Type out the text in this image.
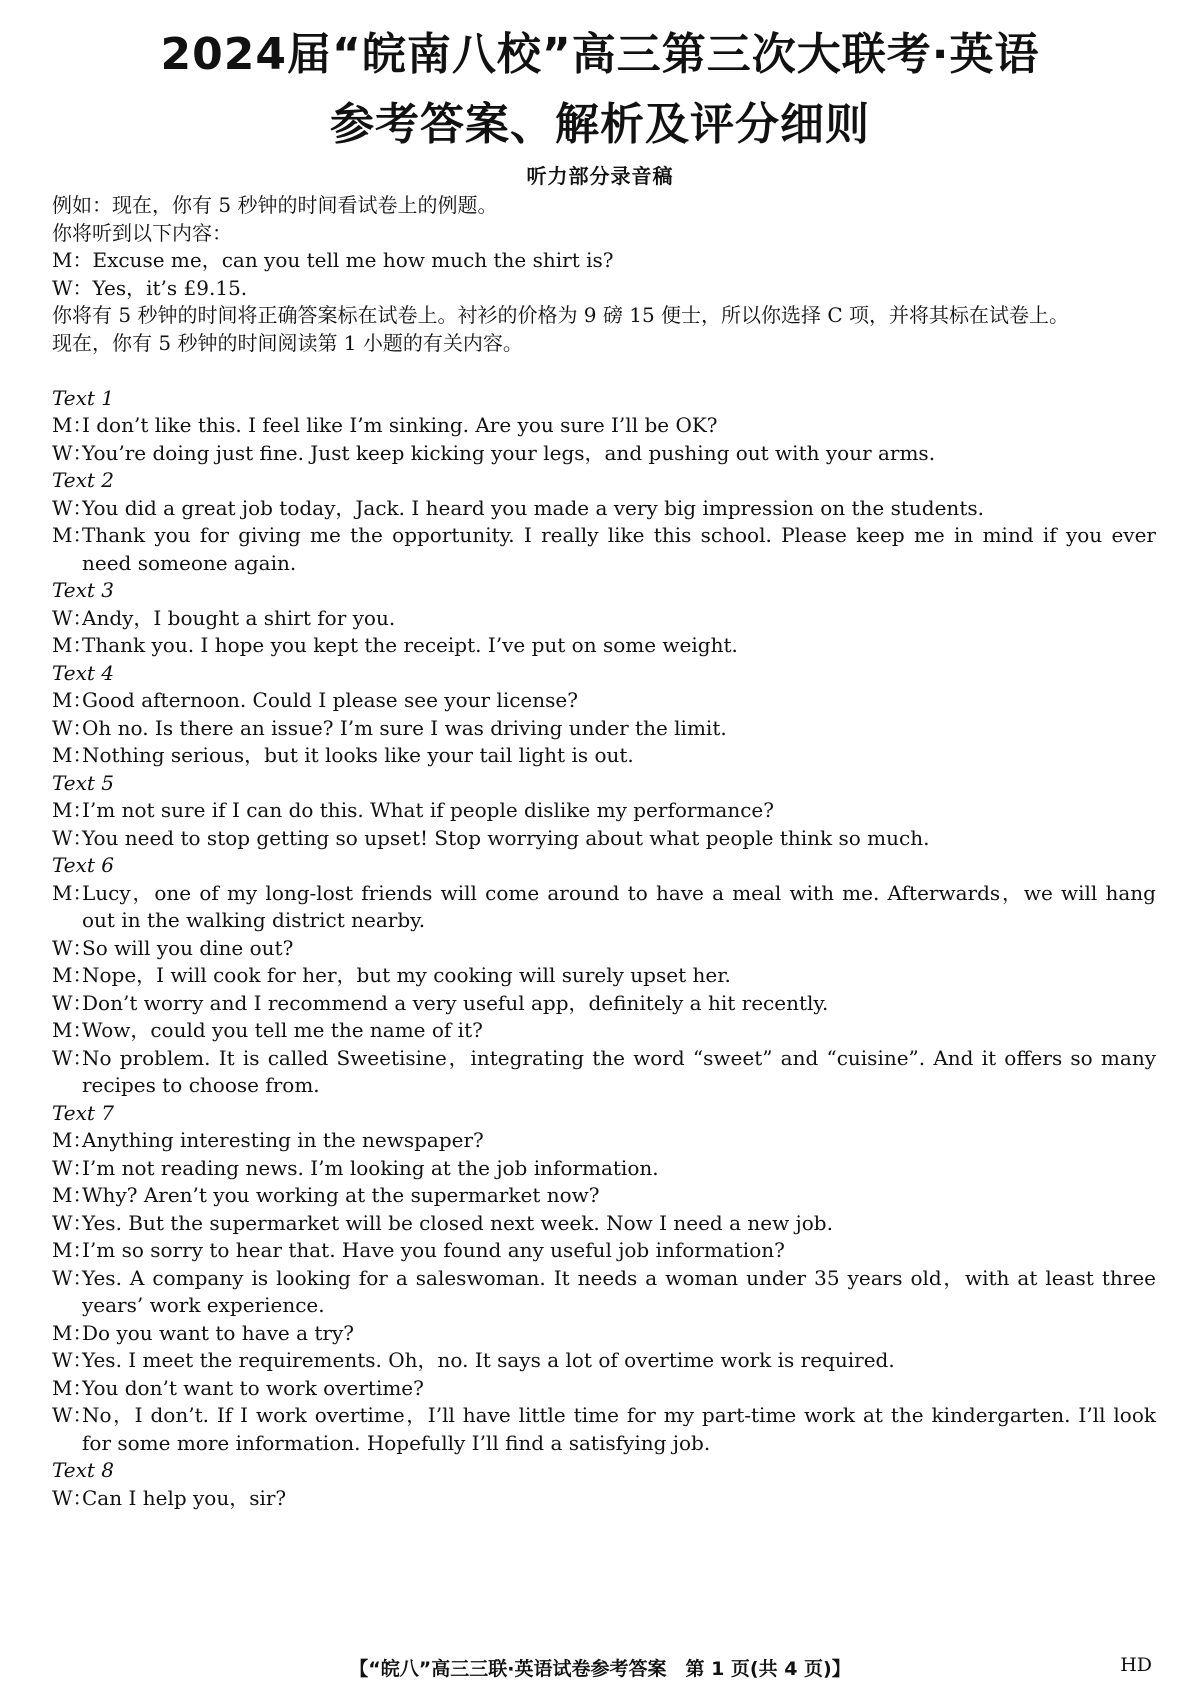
2024届“皖南八校”高三第三次大联考·英语
参考答案、解析及评分细则
听力部分录音稿
例如：现在，你有 5 秒钟的时间看试卷上的例题。
你将听到以下内容：
M：Excuse me，can you tell me how much the shirt is?
W：Yes，it’s £9.15.
你将有 5 秒钟的时间将正确答案标在试卷上。衬衫的价格为 9 磅 15 便士，所以你选择 C 项，并将其标在试卷上。
现在，你有 5 秒钟的时间阅读第 1 小题的有关内容。
Text 1
M：
I don’t like this. I feel like I’m sinking. Are you sure I’ll be OK?
W：
You’re doing just fine. Just keep kicking your legs，and pushing out with your arms.
Text 2
W：
You did a great job today，Jack. I heard you made a very big impression on the students.
M：
Thank you for giving me the opportunity. I really like this school. Please keep me in mind if you ever need someone again.
Text 3
W：
Andy，I bought a shirt for you.
M：
Thank you. I hope you kept the receipt. I’ve put on some weight.
Text 4
M：
Good afternoon. Could I please see your license?
W：
Oh no. Is there an issue? I’m sure I was driving under the limit.
M：
Nothing serious，but it looks like your tail light is out.
Text 5
M：
I’m not sure if I can do this. What if people dislike my performance?
W：
You need to stop getting so upset! Stop worrying about what people think so much.
Text 6
M：
Lucy，one of my long-lost friends will come around to have a meal with me. Afterwards，we will hang out in the walking district nearby.
W：
So will you dine out?
M：
Nope，I will cook for her，but my cooking will surely upset her.
W：
Don’t worry and I recommend a very useful app，definitely a hit recently.
M：
Wow，could you tell me the name of it?
W：
No problem. It is called Sweetisine，integrating the word “sweet” and “cuisine”. And it offers so many recipes to choose from.
Text 7
M：
Anything interesting in the newspaper?
W：
I’m not reading news. I’m looking at the job information.
M：
Why? Aren’t you working at the supermarket now?
W：
Yes. But the supermarket will be closed next week. Now I need a new job.
M：
I’m so sorry to hear that. Have you found any useful job information?
W：
Yes. A company is looking for a saleswoman. It needs a woman under 35 years old，with at least three years’ work experience.
M：
Do you want to have a try?
W：
Yes. I meet the requirements. Oh，no. It says a lot of overtime work is required.
M：
You don’t want to work overtime?
W：
No，I don’t. If I work overtime，I’ll have little time for my part-time work at the kindergarten. I’ll look for some more information. Hopefully I’ll find a satisfying job.
Text 8
W：
Can I help you，sir?
【“皖八”高三三联·英语试卷参考答案　第 1 页(共 4 页)】	HD
